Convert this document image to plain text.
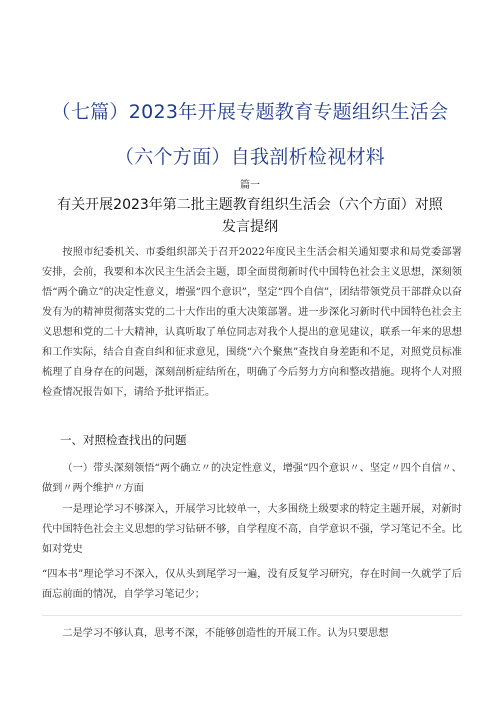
（七篇）2023年开展专题教育专题组织生活会（六个方面）自我剖析检视材料
篇一
有关开展2023年第二批主题教育组织生活会（六个方面）对照发言提纲

按照市纪委机关、市委组织部关于召开2022年度民主生活会相关通知要求和局党委部署安排，会前，我要和本次民主生活会主题，即全面贯彻新时代中国特色社会主义思想，深刻领悟“两个确立”的决定性意义，增强“四个意识”，坚定“四个自信”，团结带领党员干部群众以奋发有为的精神贯彻落实党的二十大作出的重大决策部署。进一步深化习新时代中国特色社会主义思想和党的二十大精神，认真听取了单位同志对我个人提出的意见建议，联系一年来的思想和工作实际，结合自查自纠和征求意见，围绕“六个聚焦”查找自身差距和不足，对照党员标准梳理了自身存在的问题，深刻剖析症结所在，明确了今后努力方向和整改措施。现将个人对照检查情况报告如下，请给予批评指正。

一、对照检查找出的问题

（一）带头深刻领悟“两个确立〃的决定性意义，增强“四个意识〃、坚定〃四个自信〃、做到〃两个维护〃方面

一是理论学习不够深入，开展学习比较单一，大多围绕上级要求的特定主题开展，对新时代中国特色社会主义思想的学习钻研不够，自学程度不高，自学意识不强，学习笔记不全。比如对党史

“四本书”理论学习不深入，仅从头到尾学习一遍，没有反复学习研究，存在时间一久就学了后面忘前面的情况，自学学习笔记少；

二是学习不够认真，思考不深，不能够创造性的开展工作。认为只要思想
